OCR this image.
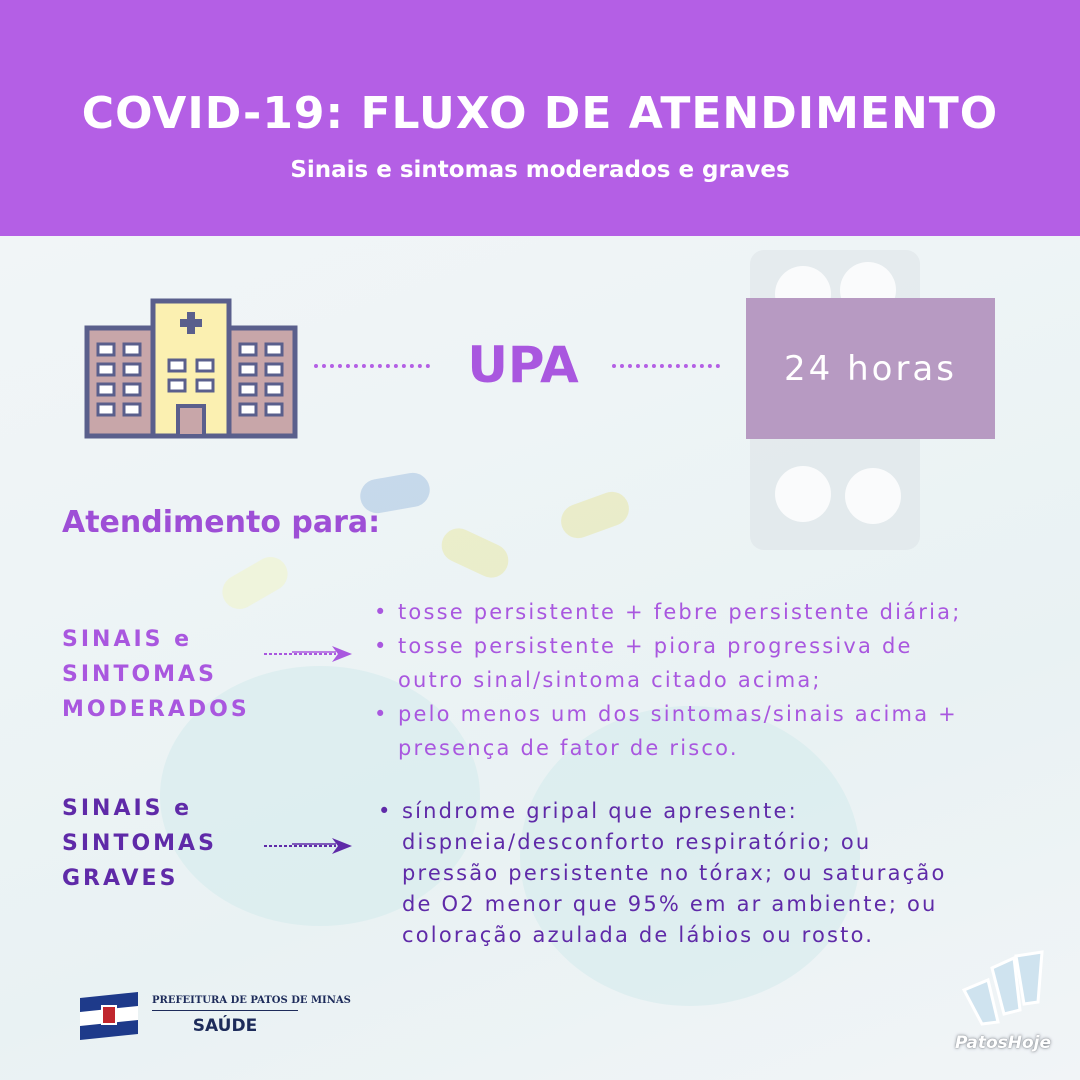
COVID-19: FLUXO DE ATENDIMENTO
Sinais e sintomas moderados e graves
UPA	24 horas
Atendimento para:
SINAIS e
SINTOMAS
MODERADOS
• tosse persistente + febre persistente diária;
• tosse persistente + piora progressiva de
outro sinal/sintoma citado acima;
• pelo menos um dos sintomas/sinais acima +
presença de fator de risco.
SINAIS e
SINTOMAS
GRAVES
• síndrome gripal que apresente:
dispneia/desconforto respiratório; ou
pressão persistente no tórax; ou saturação
de O2 menor que 95% em ar ambiente; ou
coloração azulada de lábios ou rosto.
PREFEITURA DE PATOS DE MINAS
SAÚDE
PatosHoje
